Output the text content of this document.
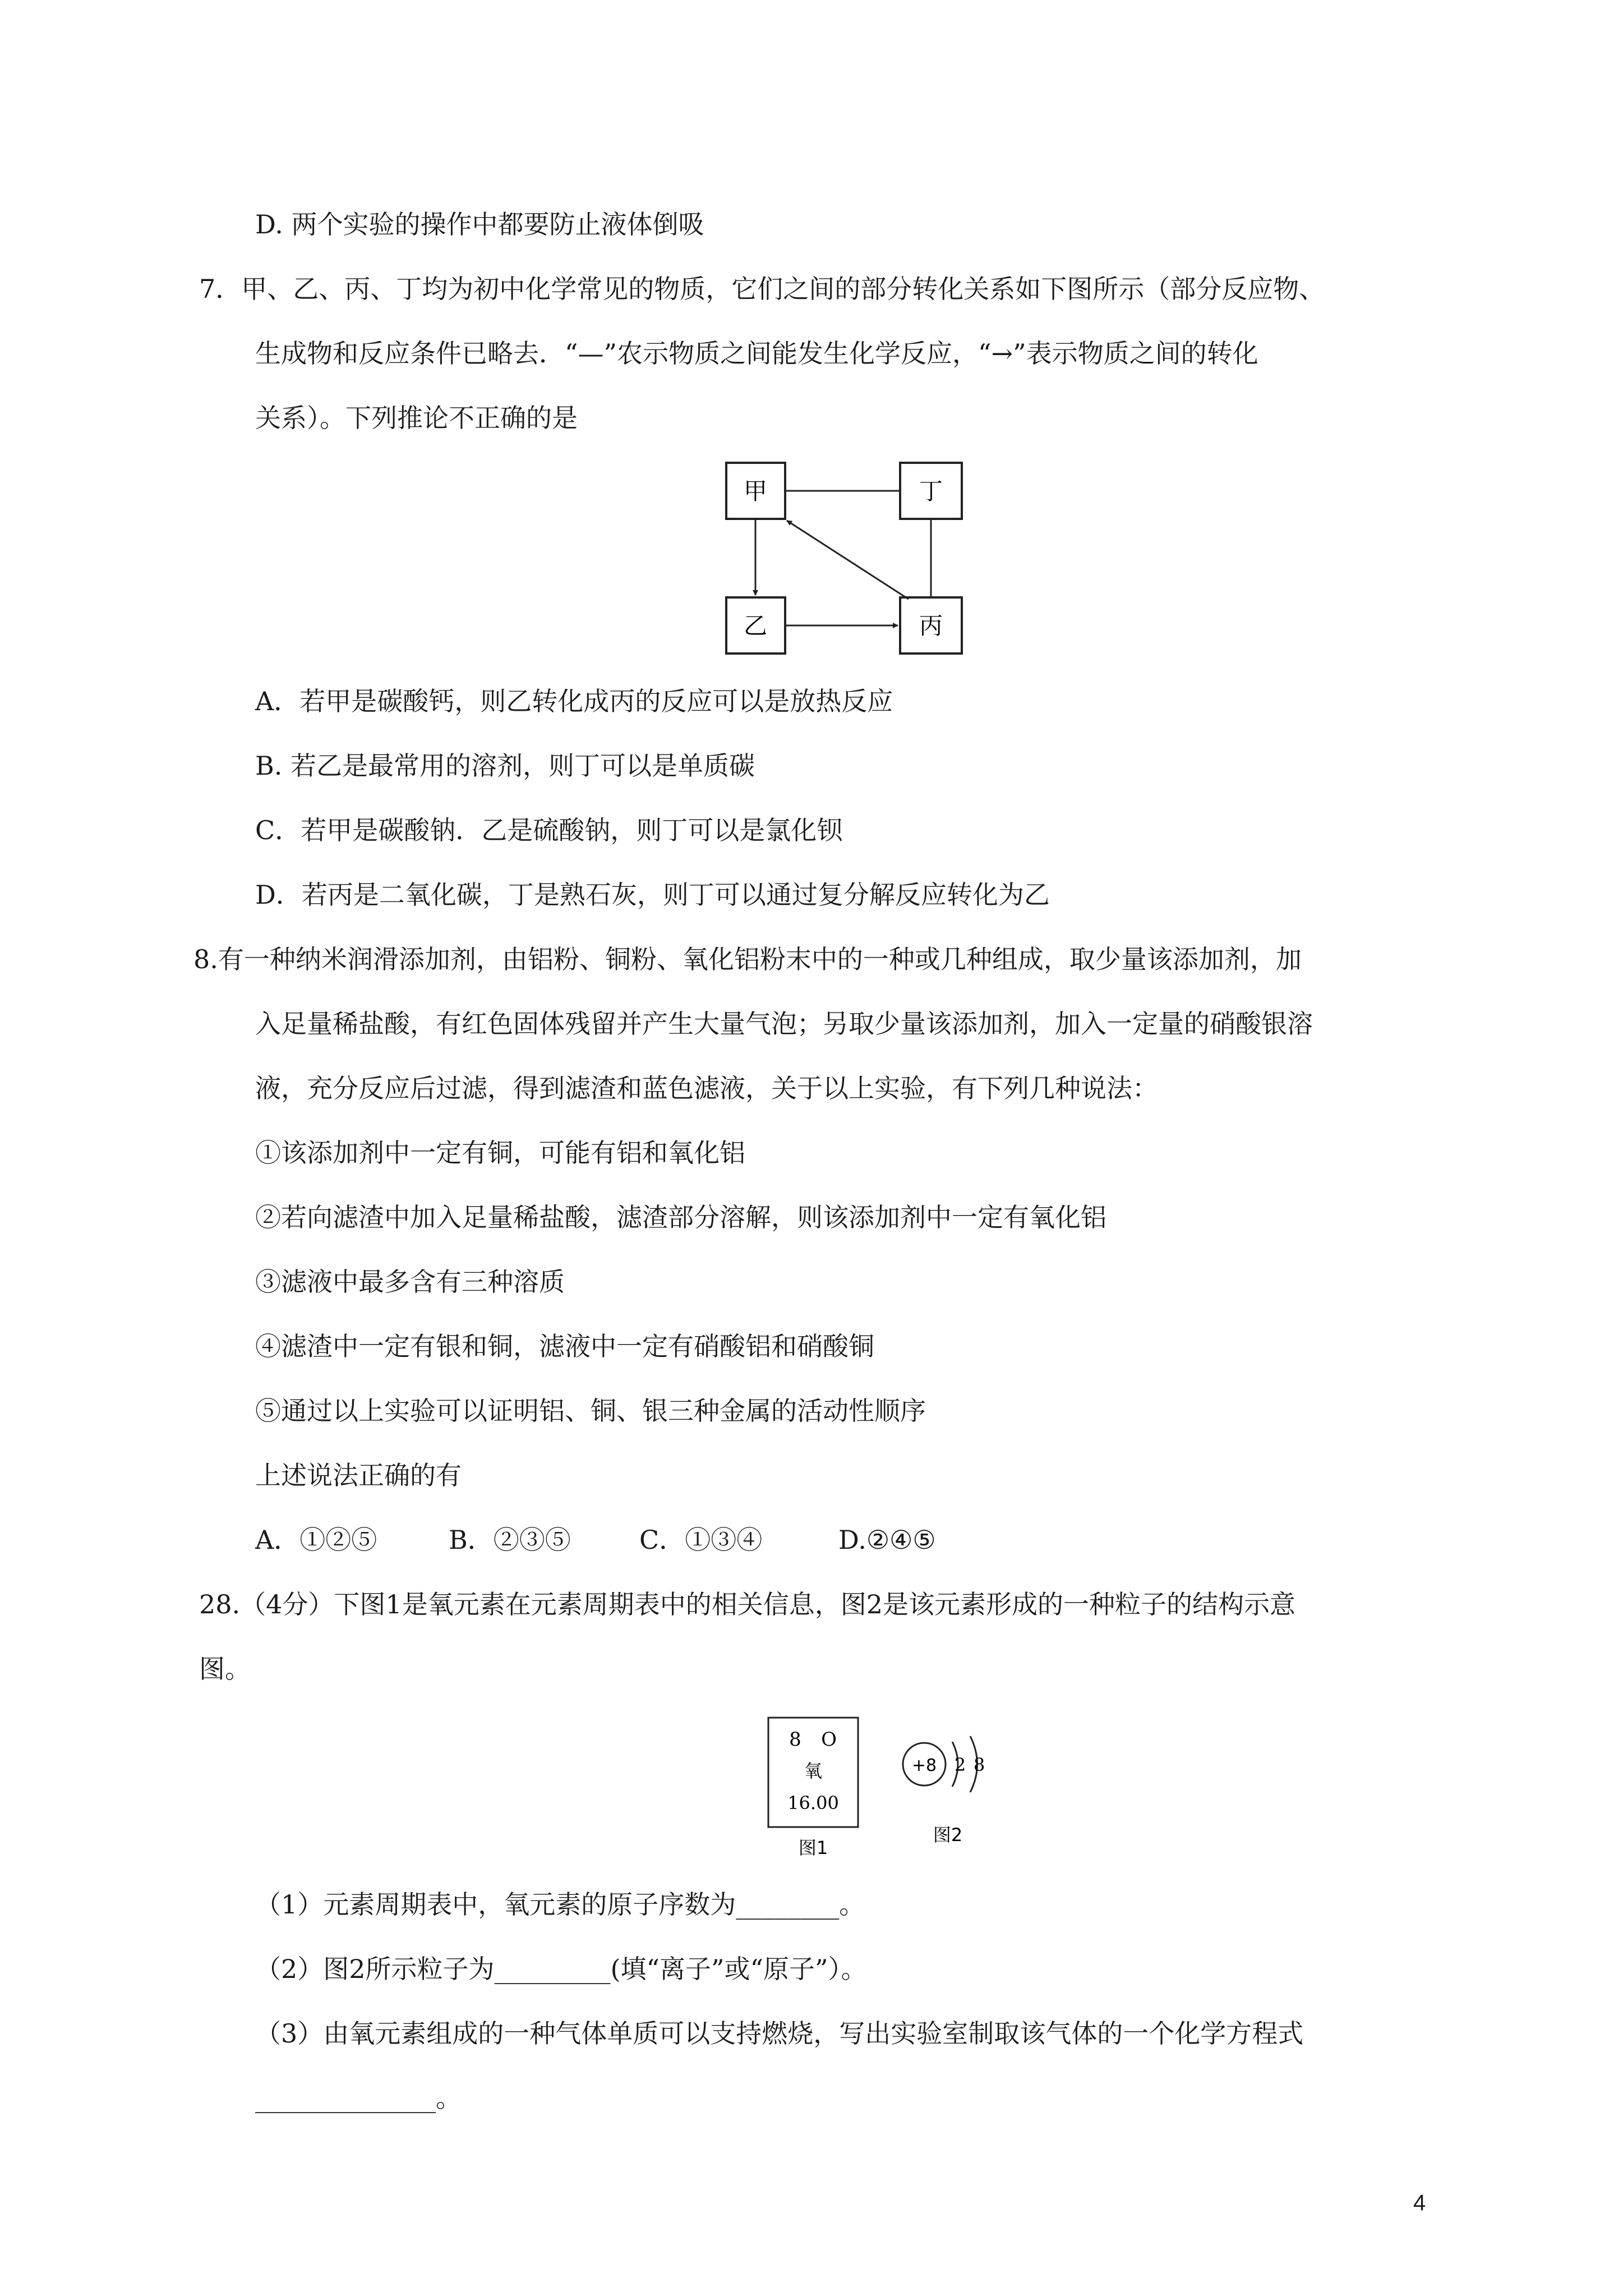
D. 两个实验的操作中都要防止液体倒吸
7．甲、乙、丙、丁均为初中化学常见的物质，它们之间的部分转化关系如下图所示（部分反应物、
生成物和反应条件已略去．“—”农示物质之间能发生化学反应，“→”表示物质之间的转化
关系）。下列推论不正确的是
甲	丁
乙	丙
A．若甲是碳酸钙，则乙转化成丙的反应可以是放热反应
B. 若乙是最常用的溶剂，则丁可以是单质碳
C．若甲是碳酸钠．乙是硫酸钠，则丁可以是氯化钡
D．若丙是二氧化碳，丁是熟石灰，则丁可以通过复分解反应转化为乙
8.有一种纳米润滑添加剂，由铝粉、铜粉、氧化铝粉末中的一种或几种组成，取少量该添加剂，加
入足量稀盐酸，有红色固体残留并产生大量气泡；另取少量该添加剂，加入一定量的硝酸银溶
液，充分反应后过滤，得到滤渣和蓝色滤液，关于以上实验，有下列几种说法：
①该添加剂中一定有铜，可能有铝和氧化铝
②若向滤渣中加入足量稀盐酸，滤渣部分溶解，则该添加剂中一定有氧化铝
③滤液中最多含有三种溶质
④滤渣中一定有银和铜，滤液中一定有硝酸铝和硝酸铜
⑤通过以上实验可以证明铝、铜、银三种金属的活动性顺序
上述说法正确的有
A．①②⑤	B．②③⑤	C．①③④	D.②④⑤
28.（4分）下图1是氧元素在元素周期表中的相关信息，图2是该元素形成的一种粒子的结构示意
图。
8 O
氧
16.00
图1
+8 2 8
图2
（1）元素周期表中，氧元素的原子序数为________。
（2）图2所示粒子为_________(填“离子”或“原子”）。
（3）由氧元素组成的一种气体单质可以支持燃烧，写出实验室制取该气体的一个化学方程式
______________。
4
